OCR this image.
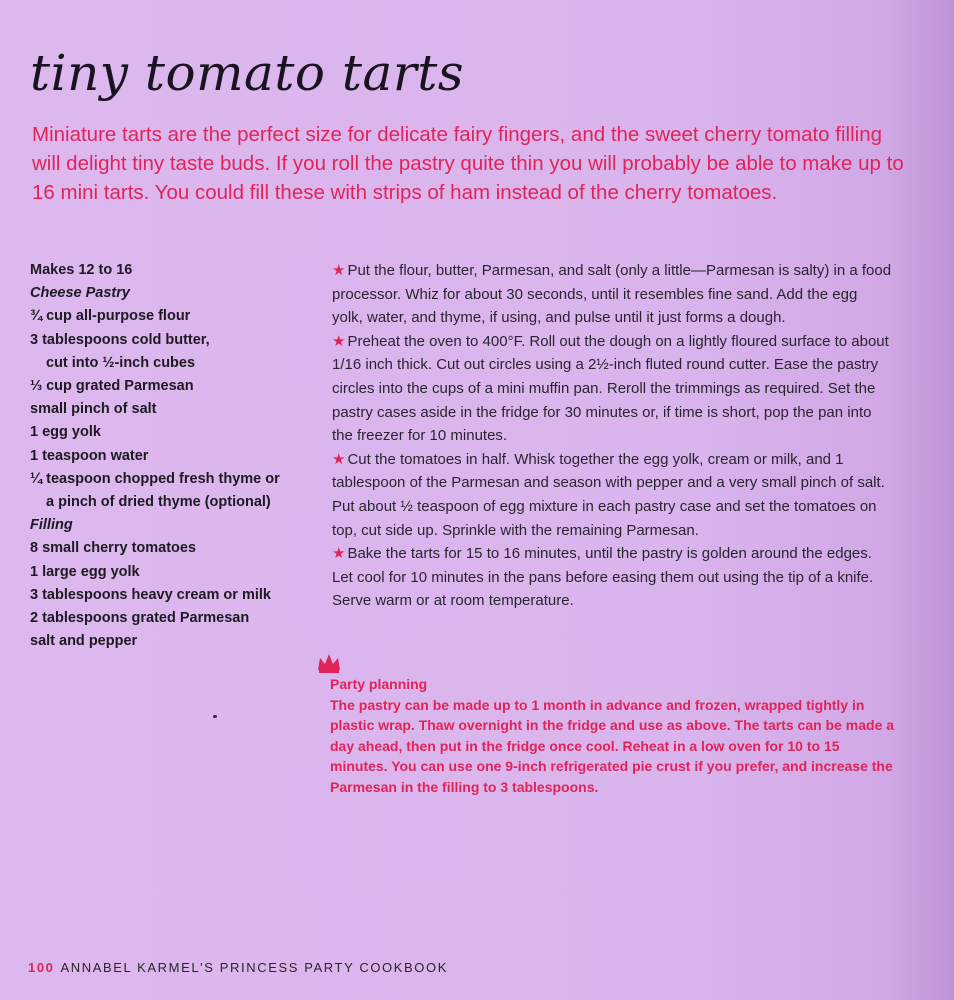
tiny tomato tarts
Miniature tarts are the perfect size for delicate fairy fingers, and the sweet cherry tomato filling will delight tiny taste buds. If you roll the pastry quite thin you will probably be able to make up to 16 mini tarts. You could fill these with strips of ham instead of the cherry tomatoes.
Makes 12 to 16
Cheese Pastry
¾ cup all-purpose flour
3 tablespoons cold butter,
cut into ½-inch cubes
⅓ cup grated Parmesan
small pinch of salt
1 egg yolk
1 teaspoon water
¼ teaspoon chopped fresh thyme or
a pinch of dried thyme (optional)
Filling
8 small cherry tomatoes
1 large egg yolk
3 tablespoons heavy cream or milk
2 tablespoons grated Parmesan
salt and pepper

★ Put the flour, butter, Parmesan, and salt (only a little—Parmesan is salty) in a food processor. Whiz for about 30 seconds, until it resembles fine sand. Add the egg yolk, water, and thyme, if using, and pulse until it just forms a dough.

★ Preheat the oven to 400°F. Roll out the dough on a lightly floured surface to about 1/16 inch thick. Cut out circles using a 2½-inch fluted round cutter. Ease the pastry circles into the cups of a mini muffin pan. Reroll the trimmings as required. Set the pastry cases aside in the fridge for 30 minutes or, if time is short, pop the pan into the freezer for 10 minutes.

★ Cut the tomatoes in half. Whisk together the egg yolk, cream or milk, and 1 tablespoon of the Parmesan and season with pepper and a very small pinch of salt. Put about ½ teaspoon of egg mixture in each pastry case and set the tomatoes on top, cut side up. Sprinkle with the remaining Parmesan.

★ Bake the tarts for 15 to 16 minutes, until the pastry is golden around the edges. Let cool for 10 minutes in the pans before easing them out using the tip of a knife. Serve warm or at room temperature.

Party planning
The pastry can be made up to 1 month in advance and frozen, wrapped tightly in plastic wrap. Thaw overnight in the fridge and use as above. The tarts can be made a day ahead, then put in the fridge once cool. Reheat in a low oven for 10 to 15 minutes. You can use one 9-inch refrigerated pie crust if you prefer, and increase the Parmesan in the filling to 3 tablespoons.
100 ANNABEL KARMEL'S PRINCESS PARTY COOKBOOK
